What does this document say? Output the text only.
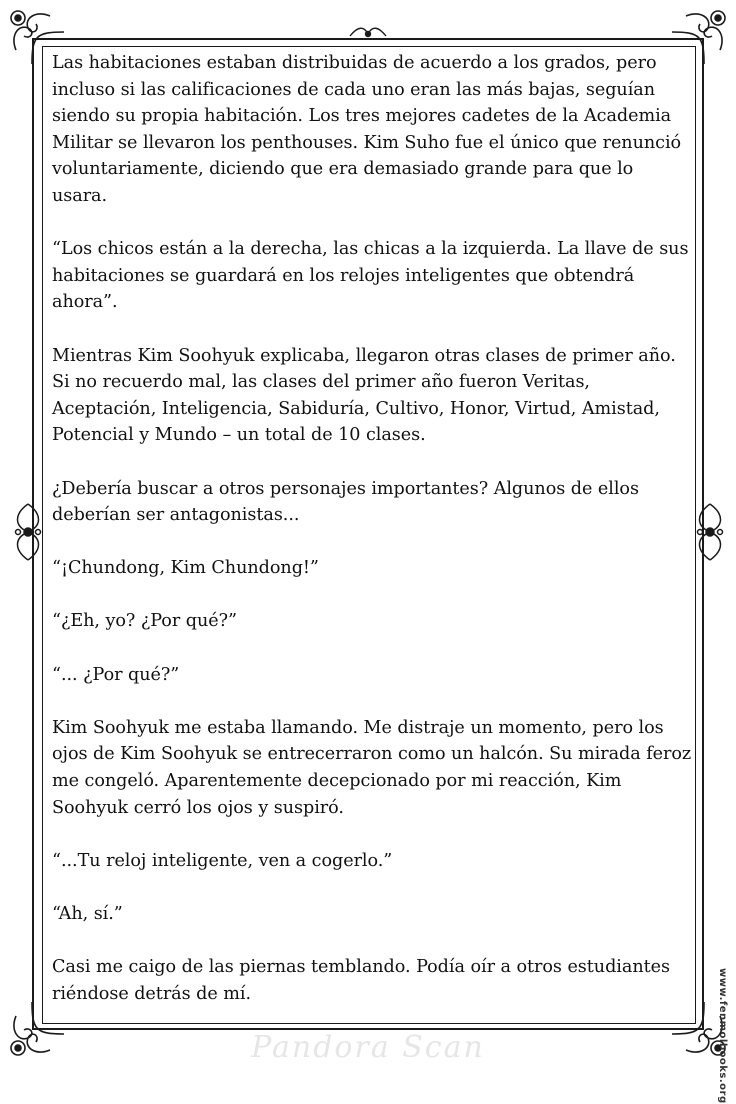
Las habitaciones estaban distribuidas de acuerdo a los grados, pero incluso si las calificaciones de cada uno eran las más bajas, seguían siendo su propia habitación. Los tres mejores cadetes de la Academia Militar se llevaron los penthouses. Kim Suho fue el único que renunció voluntariamente, diciendo que era demasiado grande para que lo usara.

“Los chicos están a la derecha, las chicas a la izquierda. La llave de sus habitaciones se guardará en los relojes inteligentes que obtendrá ahora”.

Mientras Kim Soohyuk explicaba, llegaron otras clases de primer año. Si no recuerdo mal, las clases del primer año fueron Veritas, Aceptación, Inteligencia, Sabiduría, Cultivo, Honor, Virtud, Amistad, Potencial y Mundo – un total de 10 clases.

¿Debería buscar a otros personajes importantes? Algunos de ellos deberían ser antagonistas...

“¡Chundong, Kim Chundong!”

“¿Eh, yo? ¿Por qué?”

“... ¿Por qué?”

Kim Soohyuk me estaba llamando. Me distraje un momento, pero los ojos de Kim Soohyuk se entrecerraron como un halcón. Su mirada feroz me congeló. Aparentemente decepcionado por mi reacción, Kim Soohyuk cerró los ojos y suspiró.

“...Tu reloj inteligente, ven a cogerlo.”

“Ah, sí.”

Casi me caigo de las piernas temblando. Podía oír a otros estudiantes riéndose detrás de mí.	www.fenmolbooks.org
Pandora Scan
